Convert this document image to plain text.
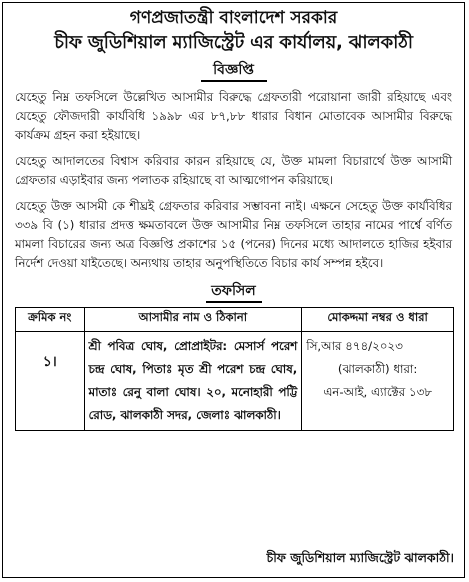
গণপ্রজাতন্ত্রী বাংলাদেশ সরকার
চীফ জুডিশিয়াল ম্যাজিস্ট্রেট এর কার্যালয়, ঝালকাঠী
বিজ্ঞপ্তি
যেহেতু নিম্ন তফসিলে উল্লেখিত আসামীর বিরুদ্ধে গ্রেফতারী পরোয়ানা জারী রহিয়াছে এবং যেহেতু ফৌজদারী কার্যবিধি ১৯৯৮ এর ৮৭,৮৮ ধারার বিধান মোতাবেক আসামীর বিরুদ্ধে কার্যক্রম গ্রহন করা হইয়াছে।
যেহেতু আদালতের বিশ্বাস করিবার কারন রহিয়াছে যে, উক্ত মামলা বিচারার্থে উক্ত আসামী গ্রেফতার এড়াইবার জন্য পলাতক রহিয়াছে বা আত্মগোপন করিয়াছে।
যেহেতু উক্ত আসমী কে শীঘ্রই গ্রেফতার করিবার সম্ভাবনা নাই। এক্ষনে সেহেতু উক্ত কার্যবিধির ৩৩৯ বি (১) ধারার প্রদত্ত ক্ষমতাবলে উক্ত আসামীর নিম্ন তফসিলে তাহার নামের পার্শ্বে বর্ণিত মামলা বিচারের জন্য অত্র বিজ্ঞপ্তি প্রকাশের ১৫ (পনের) দিনের মধ্যে আদালতে হাজির হইবার নির্দেশ দেওয়া যাইতেছে। অন্যথায় তাহার অনুপস্থিতিতে বিচার কার্য সম্পন্ন হইবে।
তফসিল
ক্রমিক নং	আসামীর নাম ও ঠিকানা	মোকদ্দমা নম্বর ও ধারা
১।	শ্রী পবিত্র ঘোষ, প্রোপ্রাইটর: মেসার্স পরেশ চন্দ্র ঘোষ, পিতাঃ মৃত শ্রী পরেশ চন্দ্র ঘোষ, মাতাঃ রেনু বালা ঘোষ। ২০, মনোহারী পট্টি রোড, ঝালকাঠী সদর, জেলাঃ ঝালকাঠী।	সি,আর ৪৭৪/২০২৩
(ঝালকাঠী) ধারা:
এন-আই, এ্যাক্টের ১৩৮
চীফ জুডিশিয়াল ম্যাজিস্ট্রেট ঝালকাঠী।
